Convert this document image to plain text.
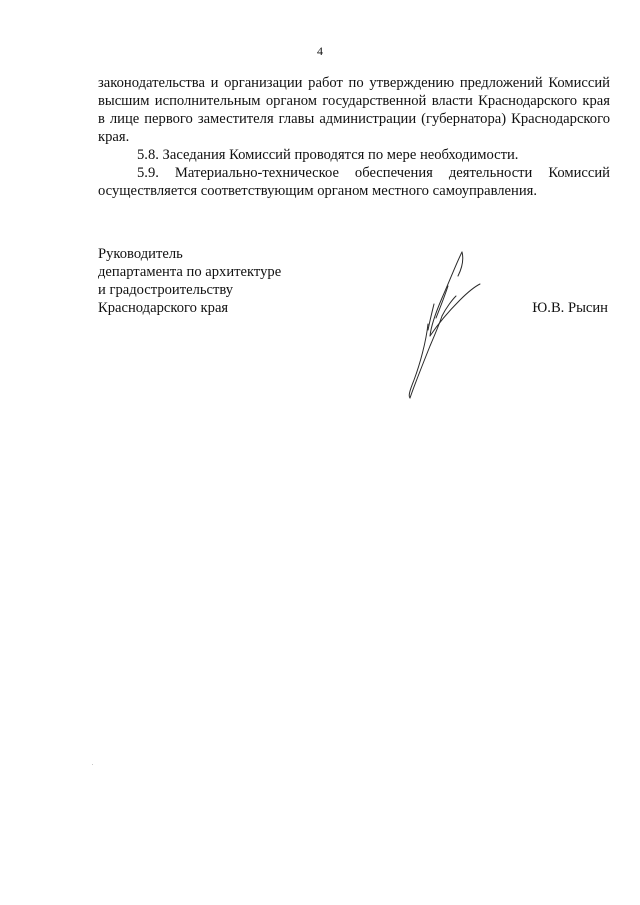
4

законодательства и организации работ по утверждению предложений Комиссий высшим исполнительным органом государственной власти Краснодарского края в лице первого заместителя главы администрации (губернатора) Краснодарского края.

5.8. Заседания Комиссий проводятся по мере необходимости.

5.9. Материально-техническое обеспечения деятельности Комиссий осуществляется соответствующим органом местного самоуправления.

Руководитель
департамента по архитектуре
и градостроительству
Краснодарского края	Ю.В. Рысин
